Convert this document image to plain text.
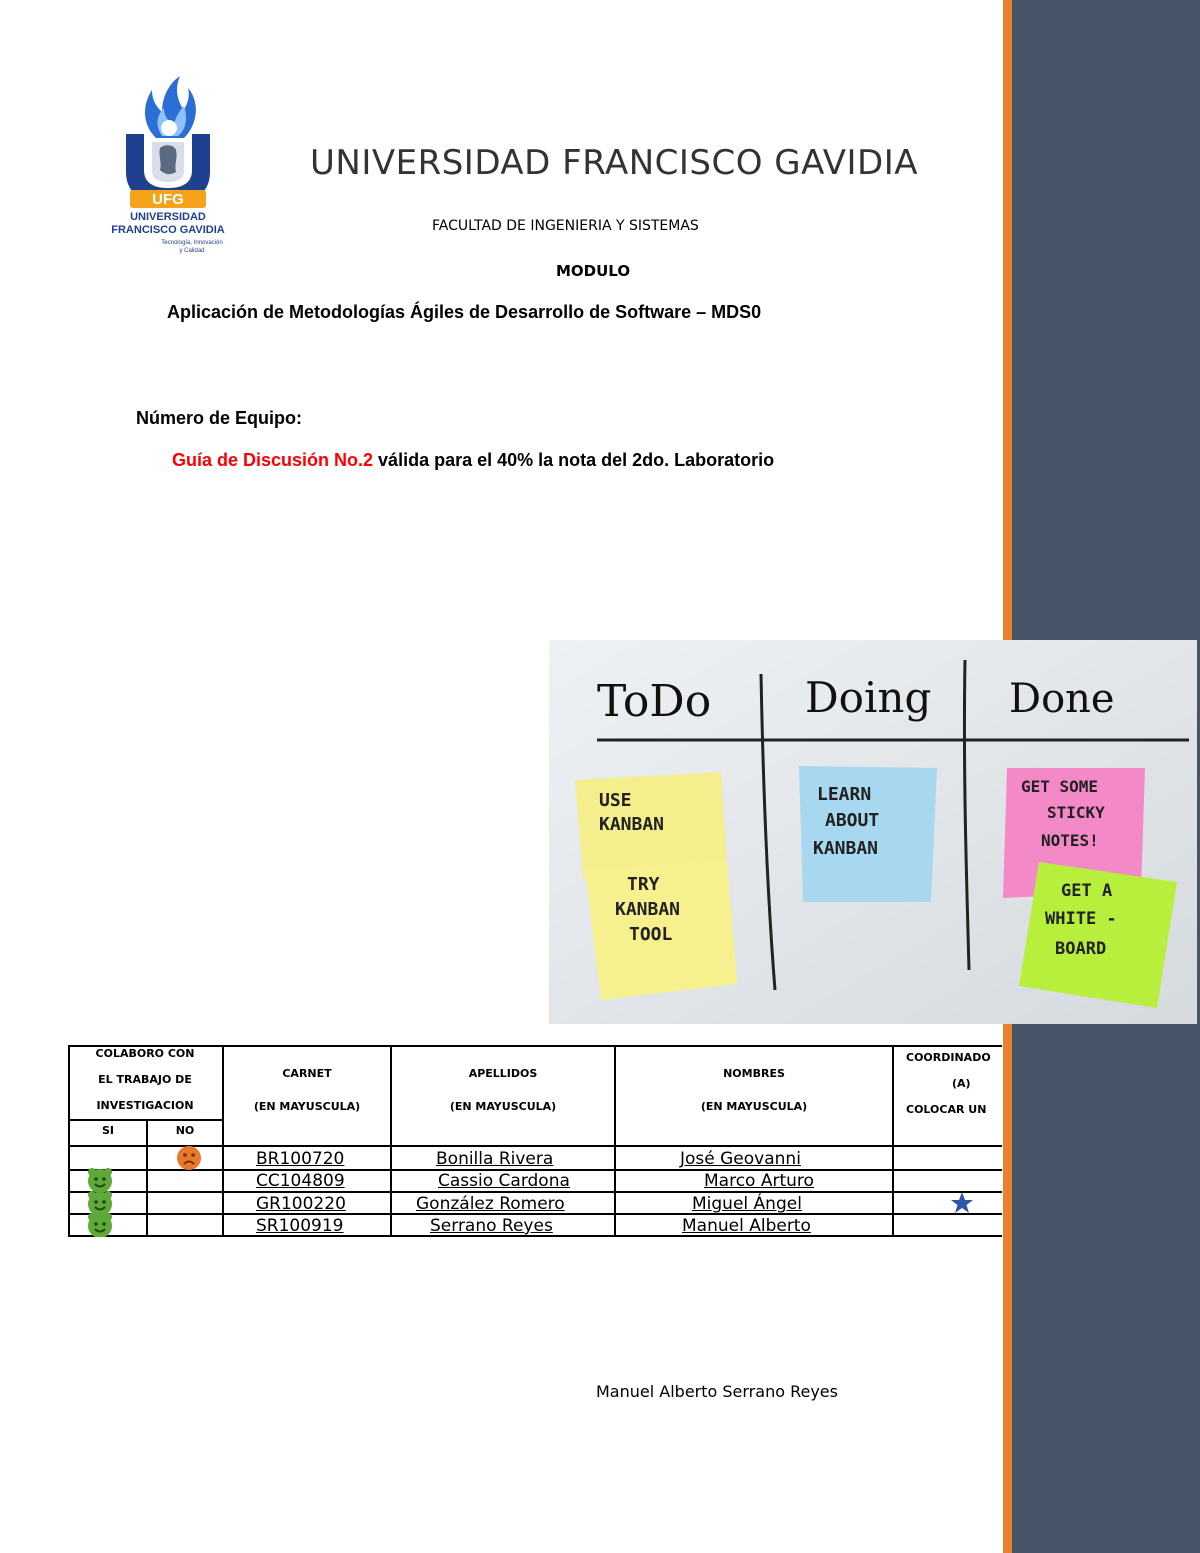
UFG
UNIVERSIDAD
FRANCISCO GAVIDIA
Tecnología, Innovación
y Calidad
UNIVERSIDAD FRANCISCO GAVIDIA
FACULTAD DE INGENIERIA Y SISTEMAS
MODULO
Aplicación de Metodologías Ágiles de Desarrollo de Software – MDS0
Número de Equipo:
Guía de Discusión No.2 válida para el 40% la nota del 2do. Laboratorio
ToDo Doing Done
USE
KANBAN
TRY
KANBAN
TOOL
LEARN
ABOUT
KANBAN
GET SOME
STICKY
NOTES!
GET A
WHITE -
BOARD
COLABORO CON
EL TRABAJO DE
INVESTIGACION
SI	NO
CARNET
(EN MAYUSCULA)
APELLIDOS
(EN MAYUSCULA)
NOMBRES
(EN MAYUSCULA)
COORDINADO
(A)
COLOCAR UN
BR100720	Bonilla Rivera	José Geovanni
CC104809	Cassio Cardona	Marco Arturo
GR100220	González Romero	Miguel Ángel
SR100919	Serrano Reyes	Manuel Alberto
Manuel Alberto Serrano Reyes
